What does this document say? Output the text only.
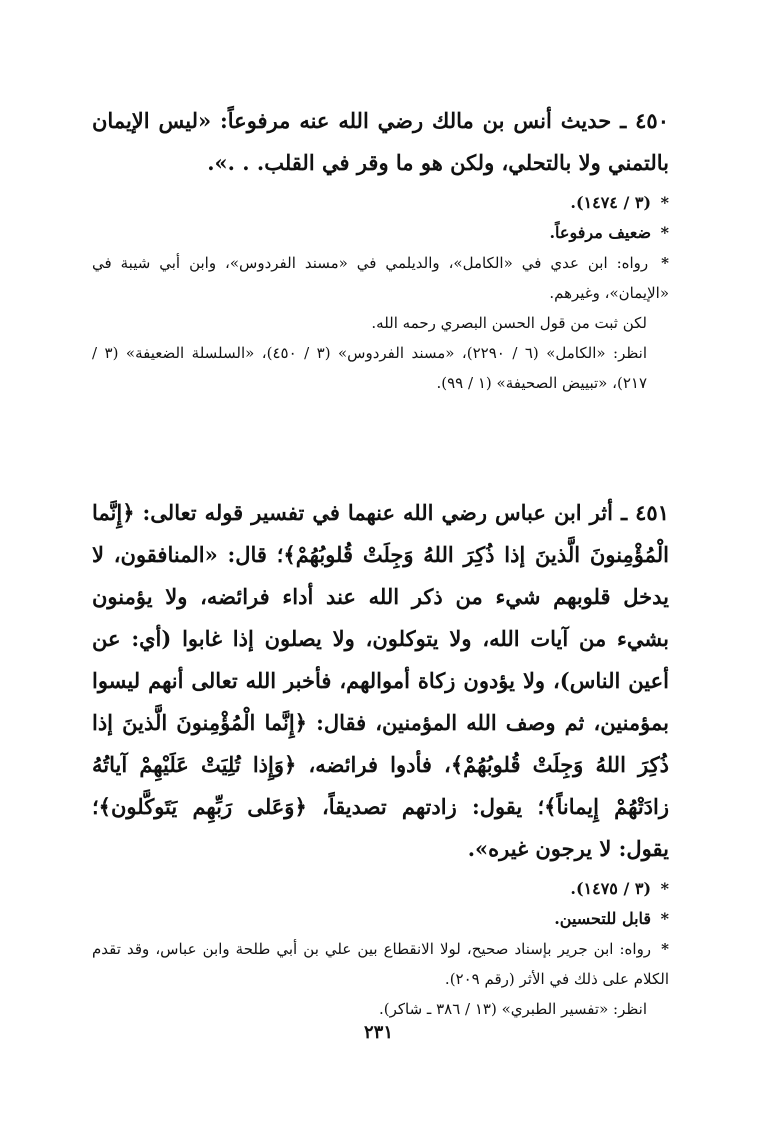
٤٥٠ ـ حديث أنس بن مالك رضي الله عنه مرفوعاً: «ليس الإيمان بالتمني ولا بالتحلي، ولكن هو ما وقر في القلب. . .».

* (٣ / ١٤٧٤).

* ضعيف مرفوعاً.

* رواه: ابن عدي في «الكامل»، والديلمي في «مسند الفردوس»، وابن أبي شيبة في «الإيمان»، وغيرهم.

لكن ثبت من قول الحسن البصري رحمه الله.

انظر: «الكامل» (٦ / ٢٢٩٠)، «مسند الفردوس» (٣ / ٤٥٠)، «السلسلة الضعيفة» (٣ / ٢١٧)، «تبييض الصحيفة» (١ / ٩٩).

٤٥١ ـ أثر ابن عباس رضي الله عنهما في تفسير قوله تعالى: ﴿إِنَّما الْمُؤْمِنونَ الَّذينَ إذا ذُكِرَ اللهُ وَجِلَتْ قُلوبُهُمْ﴾؛ قال: «المنافقون، لا يدخل قلوبهم شيء من ذكر الله عند أداء فرائضه، ولا يؤمنون بشيء من آيات الله، ولا يتوكلون، ولا يصلون إذا غابوا (أي: عن أعين الناس)، ولا يؤدون زكاة أموالهم، فأخبر الله تعالى أنهم ليسوا بمؤمنين، ثم وصف الله المؤمنين، فقال: ﴿إِنَّما الْمُؤْمِنونَ الَّذينَ إذا ذُكِرَ اللهُ وَجِلَتْ قُلوبُهُمْ﴾، فأدوا فرائضه، ﴿وَإِذا تُلِيَتْ عَلَيْهِمْ آياتُهُ زادَتْهُمْ إِيماناً﴾؛ يقول: زادتهم تصديقاً، ﴿وَعَلى رَبِّهِم يَتَوكَّلون﴾؛ يقول: لا يرجون غيره».

* (٣ / ١٤٧٥).

* قابل للتحسين.

* رواه: ابن جرير بإسناد صحيح، لولا الانقطاع بين علي بن أبي طلحة وابن عباس، وقد تقدم الكلام على ذلك في الأثر (رقم ٢٠٩).

انظر: «تفسير الطبري» (١٣ / ٣٨٦ ـ شاكر).

٢٣١
